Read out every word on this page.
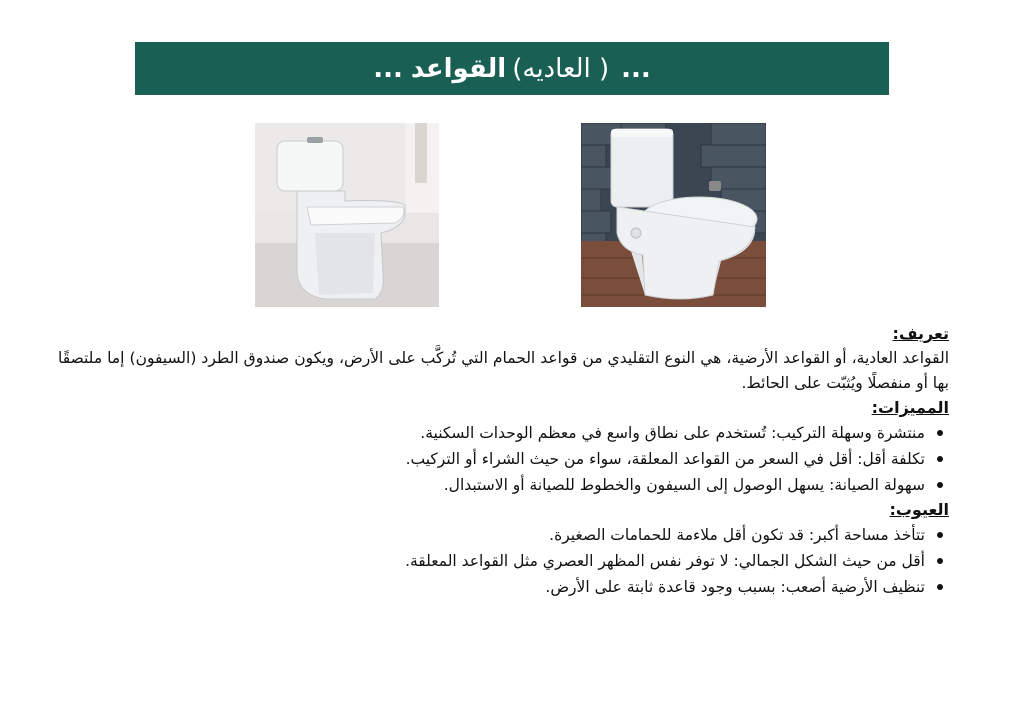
القواعد
...	( العاديه) ...
تعريف:
القواعد العادية، أو القواعد الأرضية، هي النوع التقليدي من قواعد الحمام التي تُركَّب على الأرض، ويكون صندوق الطرد (السيفون) إما ملتصقًا بها أو منفصلًا ويُثبّت على الحائط.
المميزات:
منتشرة وسهلة التركيب: تُستخدم على نطاق واسع في معظم الوحدات السكنية.
تكلفة أقل: أقل في السعر من القواعد المعلقة، سواء من حيث الشراء أو التركيب.
سهولة الصيانة: يسهل الوصول إلى السيفون والخطوط للصيانة أو الاستبدال.
العيوب:
تتأخذ مساحة أكبر: قد تكون أقل ملاءمة للحمامات الصغيرة.
أقل من حيث الشكل الجمالي: لا توفر نفس المظهر العصري مثل القواعد المعلقة.
تنظيف الأرضية أصعب: بسبب وجود قاعدة ثابتة على الأرض.
